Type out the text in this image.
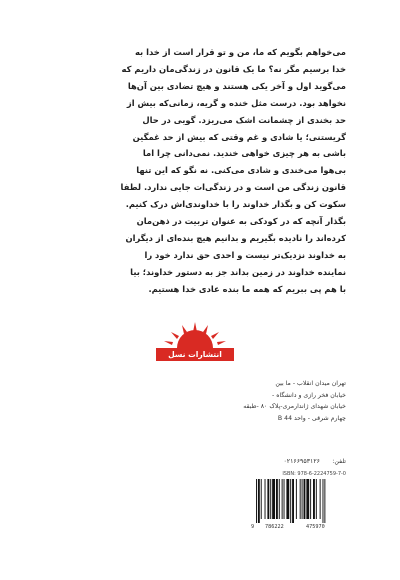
می‌خواهم بگویم که ما، من و تو قرار است از خدا به

خدا برسیم مگر نه؟ ما یک قانون در زندگی‌مان داریم که

می‌گوید اول و آخر یکی هستند و هیچ تضادی بین آن‌ها

نخواهد بود. درست مثل خنده و گریه، زمانی‌که بیش از

حد بخندی از چشمانت اشک می‌ریزد. گویی در حال

گریستنی؛ یا شادی و غم وقتی که بیش از حد غمگین

باشی به هر چیزی خواهی خندید. نمی‌دانی چرا اما

بی‌هوا می‌خندی و شادی می‌کنی. نه نگو که این تنها

قانون زندگی من است و در زندگی‌ات جایی ندارد. لطفا

سکوت کن و بگذار خداوند را با خداوندی‌اش درک کنیم.

بگذار آنچه که در کودکی به عنوان تربیت در ذهن‌مان

کرده‌اند را نادیده بگیریم و بدانیم هیچ بنده‌ای از دیگران

به خداوند نزدیک‌تر نیست و احدی حق ندارد خود را

نماینده خداوند در زمین بداند جز به دستور خداوند؛ بیا

با هم پی ببریم که همه ما بنده عادی خدا هستیم.

انتشارات نسل روشن
تهران میدان انقلاب - ما بین
خیابان فخر رازی و دانشگاه -
خیابان شهدای ژاندارمری-پلاک ۸۰ -طبقه
چهارم شرقی - واحد B 44
تلفن:
۰۲۱۶۶۹۵۳۱۲۶
ISBN: 978-6-2224759-7-0
9 786222	475970
